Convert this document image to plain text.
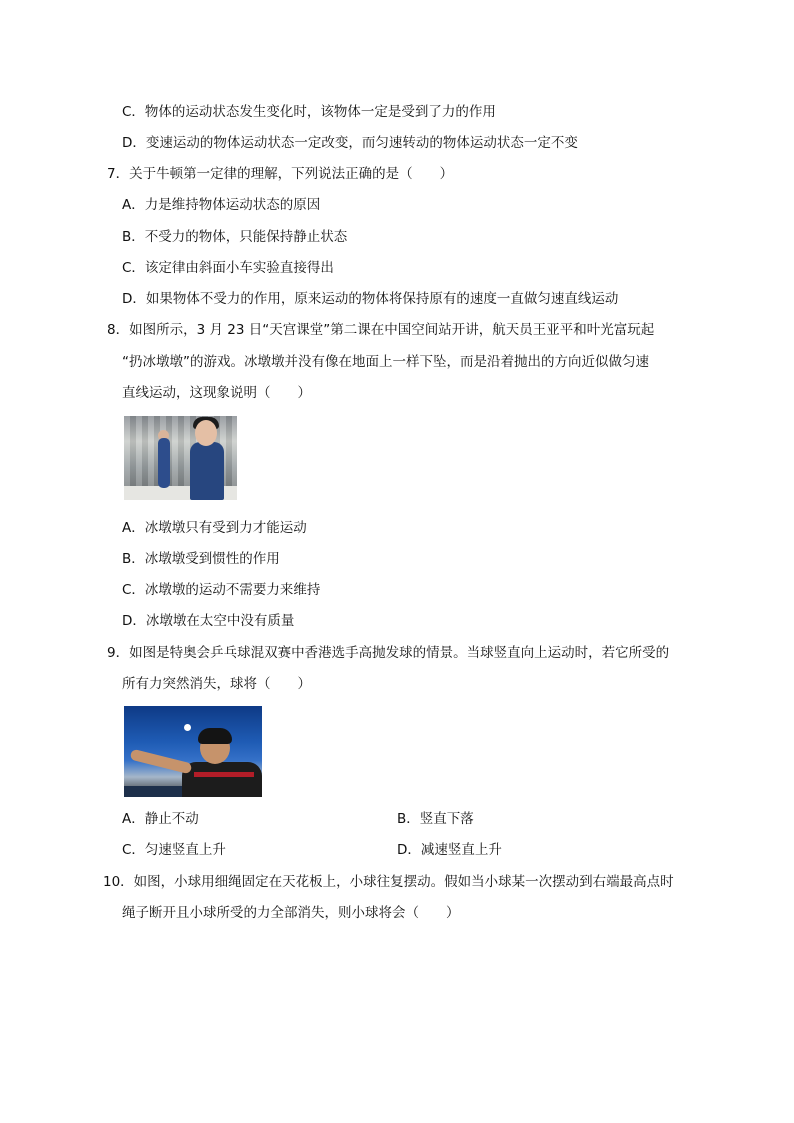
C．物体的运动状态发生变化时，该物体一定是受到了力的作用
D．变速运动的物体运动状态一定改变，而匀速转动的物体运动状态一定不变
7．关于牛顿第一定律的理解，下列说法正确的是（　　）
A．力是维持物体运动状态的原因
B．不受力的物体，只能保持静止状态
C．该定律由斜面小车实验直接得出
D．如果物体不受力的作用，原来运动的物体将保持原有的速度一直做匀速直线运动
8．如图所示，3 月 23 日“天宫课堂”第二课在中国空间站开讲，航天员王亚平和叶光富玩起
“扔冰墩墩”的游戏。冰墩墩并没有像在地面上一样下坠，而是沿着抛出的方向近似做匀速
直线运动，这现象说明（　　）
A．冰墩墩只有受到力才能运动
B．冰墩墩受到惯性的作用
C．冰墩墩的运动不需要力来维持
D．冰墩墩在太空中没有质量
9．如图是特奥会乒乓球混双赛中香港选手高抛发球的情景。当球竖直向上运动时，若它所受的
所有力突然消失，球将（　　）
A．静止不动	B．竖直下落
C．匀速竖直上升	D．减速竖直上升
10．如图，小球用细绳固定在天花板上，小球往复摆动。假如当小球某一次摆动到右端最高点时
绳子断开且小球所受的力全部消失，则小球将会（　　）
